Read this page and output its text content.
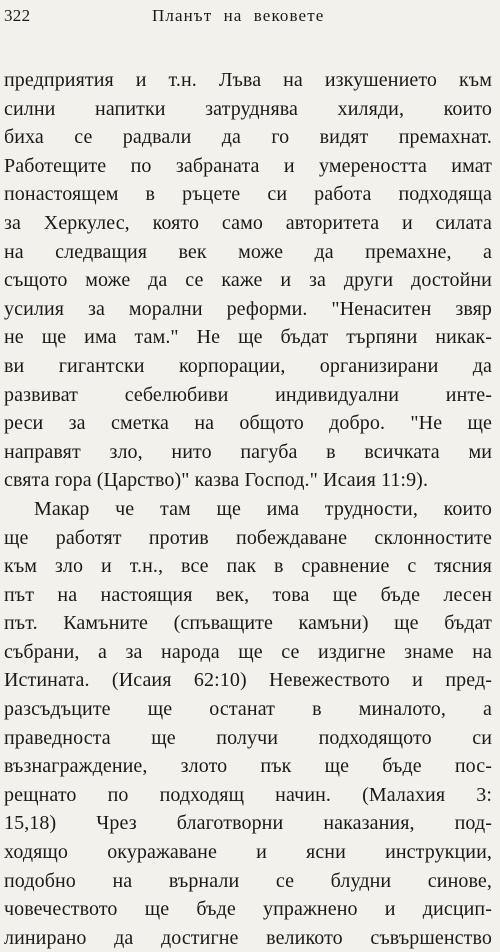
322	Планът на вековете
предприятия и т.н. Лъва на изкушението към
силни напитки затруднява хиляди, които
биха се радвали да го видят премахнат.
Работещите по забраната и умереността имат
понастоящем в ръцете си работа подходяща
за Херкулес, която само авторитета и силата
на следващия век може да премахне, а
същото може да се каже и за други достойни
усилия за морални реформи. "Ненаситен звяр
не ще има там." Не ще бъдат търпяни никак-
ви гигантски корпорации, организирани да
развиват себелюбиви индивидуални инте-
реси за сметка на общото добро. "Не ще
направят зло, нито пагуба в всичката ми
свята гора (Царство)" казва Господ." Исаия 11:9).
Макар че там ще има трудности, които
ще работят против побеждаване склонностите
към зло и т.н., все пак в сравнение с тясния
път на настоящия век, това ще бъде лесен
път. Камъните (спъващите камъни) ще бъдат
събрани, а за народа ще се издигне знаме на
Истината. (Исаия 62:10) Невежеството и пред-
разсъдъците ще останат в миналото, а
праведноста ще получи подходящото си
възнаграждение, злото пък ще бъде пос-
рещнато по подходящ начин. (Малахия 3:
15,18) Чрез благотворни наказания, под-
ходящо окуражаване и ясни инструкции,
подобно на върнали се блудни синове,
човечеството ще бъде упражнено и дисцип-
линирано да достигне великото съвършенство
